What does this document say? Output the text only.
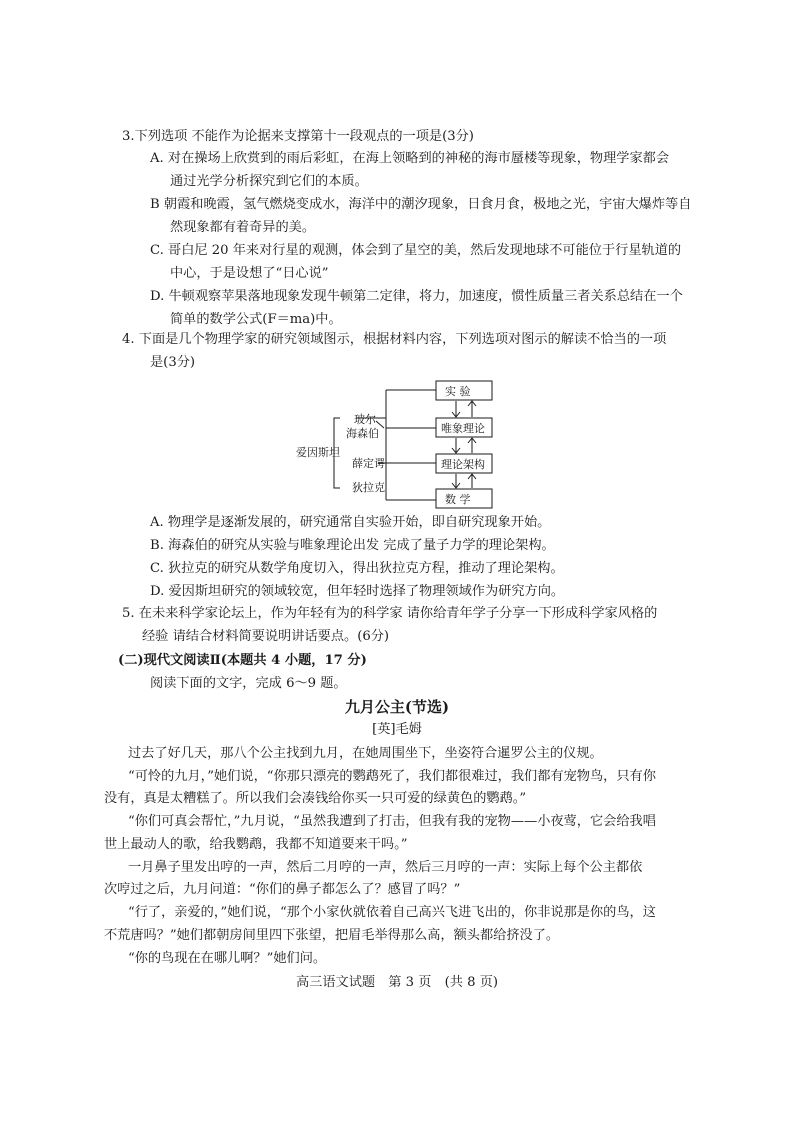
3.下列选项 不能作为论据来支撑第十一段观点的一项是(3分)
A. 对在操场上欣赏到的雨后彩虹，在海上领略到的神秘的海市蜃楼等现象，物理学家都会
通过光学分析探究到它们的本质。
B 朝霞和晚霞，氢气燃烧变成水，海洋中的潮汐现象，日食月食，极地之光，宇宙大爆炸等自
然现象都有着奇异的美。
C. 哥白尼 20 年来对行星的观测，体会到了星空的美，然后发现地球不可能位于行星轨道的
中心，于是设想了“日心说”
D. 牛顿观察苹果落地现象发现牛顿第二定律，将力，加速度，惯性质量三者关系总结在一个
简单的数学公式(F＝ma)中。
4. 下面是几个物理学家的研究领域图示，根据材料内容，下列选项对图示的解读不恰当的一项
是(3分)
爱因斯坦
玻尔
海森伯
薛定谔
狄拉克
实 验
唯象理论
理论架构
数 学
A. 物理学是逐渐发展的，研究通常自实验开始，即自研究现象开始。
B. 海森伯的研究从实验与唯象理论出发 完成了量子力学的理论架构。
C. 狄拉克的研究从数学角度切入，得出狄拉克方程，推动了理论架构。
D. 爱因斯坦研究的领域较宽，但年轻时选择了物理领域作为研究方向。
5. 在未来科学家论坛上，作为年轻有为的科学家 请你给青年学子分享一下形成科学家风格的
经验 请结合材料简要说明讲话要点。(6分)
(二)现代文阅读Ⅱ(本题共 4 小题，17 分)
阅读下面的文字，完成 6～9 题。
九月公主(节选)
[英]毛姆
过去了好几天，那八个公主找到九月，在她周围坐下，坐姿符合暹罗公主的仪规。
“可怜的九月，”她们说，“你那只漂亮的鹦鹉死了，我们都很难过，我们都有宠物鸟，只有你
没有，真是太糟糕了。所以我们会凑钱给你买一只可爱的绿黄色的鹦鹉。”
“你们可真会帮忙，”九月说，“虽然我遭到了打击，但我有我的宠物——小夜莺，它会给我唱
世上最动人的歌，给我鹦鹉，我都不知道要来干吗。”
一月鼻子里发出哼的一声，然后二月哼的一声，然后三月哼的一声：实际上每个公主都依
次哼过之后，九月问道：“你们的鼻子都怎么了？感冒了吗？”
“行了，亲爱的，”她们说，“那个小家伙就依着自己高兴飞进飞出的，你非说那是你的鸟，这
不荒唐吗？”她们都朝房间里四下张望，把眉毛举得那么高，额头都给挤没了。
“你的鸟现在在哪儿啊？”她们问。
高三语文试题　第 3 页　(共 8 页)
